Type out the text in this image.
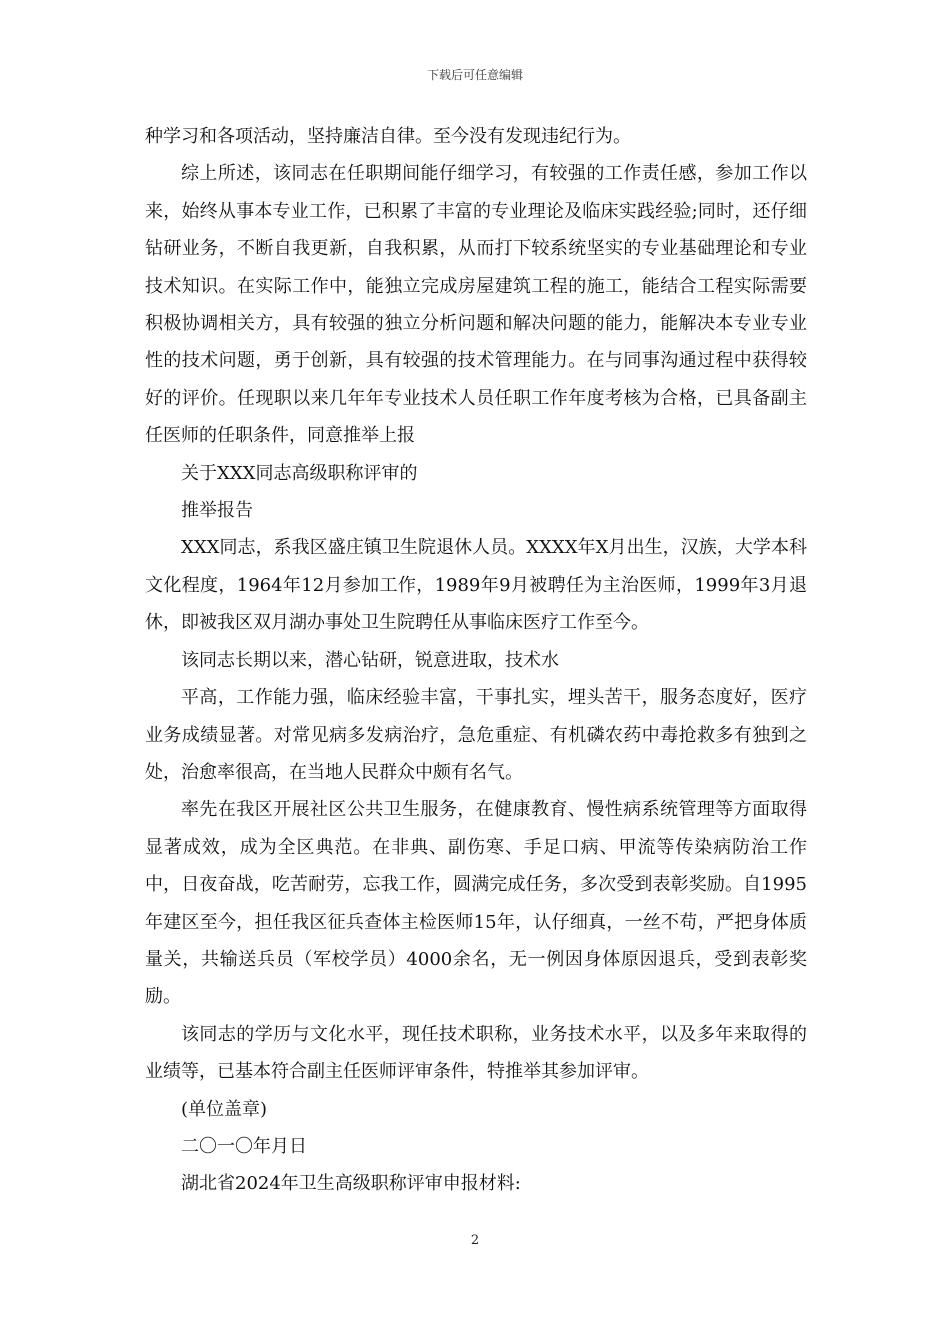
下载后可任意编辑

种学习和各项活动，坚持廉洁自律。至今没有发现违纪行为。

综上所述，该同志在任职期间能仔细学习，有较强的工作责任感，参加工作以来，始终从事本专业工作，已积累了丰富的专业理论及临床实践经验;同时，还仔细钻研业务，不断自我更新，自我积累，从而打下较系统坚实的专业基础理论和专业技术知识。在实际工作中，能独立完成房屋建筑工程的施工，能结合工程实际需要积极协调相关方，具有较强的独立分析问题和解决问题的能力，能解决本专业专业性的技术问题，勇于创新，具有较强的技术管理能力。在与同事沟通过程中获得较好的评价。任现职以来几年年专业技术人员任职工作年度考核为合格，已具备副主任医师的任职条件，同意推举上报

关于XXX同志高级职称评审的

推举报告

XXX同志，系我区盛庄镇卫生院退休人员。XXXX年X月出生，汉族，大学本科文化程度，1964年12月参加工作，1989年9月被聘任为主治医师，1999年3月退休，即被我区双月湖办事处卫生院聘任从事临床医疗工作至今。

该同志长期以来，潜心钻研，锐意进取，技术水

平高，工作能力强，临床经验丰富，干事扎实，埋头苦干，服务态度好，医疗业务成绩显著。对常见病多发病治疗，急危重症、有机磷农药中毒抢救多有独到之处，治愈率很高，在当地人民群众中颇有名气。

率先在我区开展社区公共卫生服务，在健康教育、慢性病系统管理等方面取得显著成效，成为全区典范。在非典、副伤寒、手足口病、甲流等传染病防治工作中，日夜奋战，吃苦耐劳，忘我工作，圆满完成任务，多次受到表彰奖励。自1995年建区至今，担任我区征兵查体主检医师15年，认仔细真，一丝不苟，严把身体质量关，共输送兵员（军校学员）4000余名，无一例因身体原因退兵，受到表彰奖励。

该同志的学历与文化水平，现任技术职称，业务技术水平，以及多年来取得的业绩等，已基本符合副主任医师评审条件，特推举其参加评审。

(单位盖章)

二〇一〇年月日

湖北省2024年卫生高级职称评审申报材料:

2
